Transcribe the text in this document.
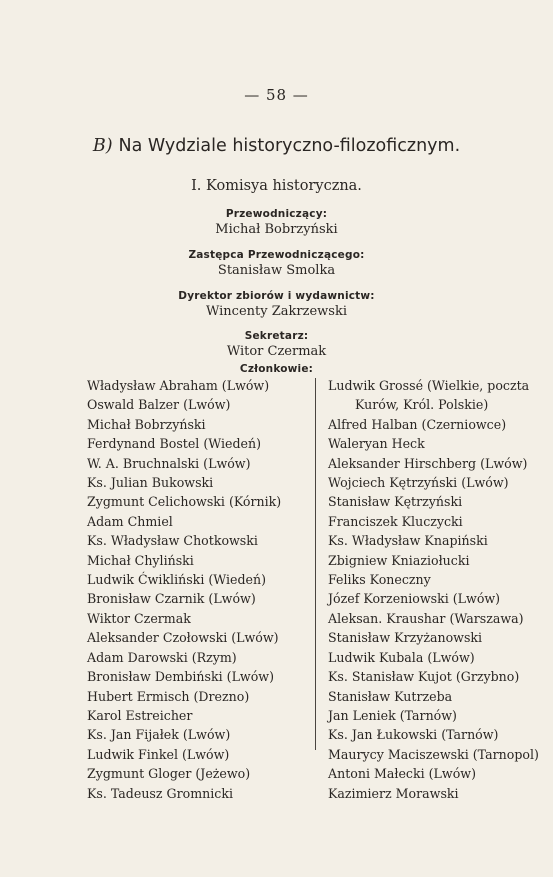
— 58 —
B) Na Wydziale historyczno-filozoficznym.
I. Komisya historyczna.
Przewodniczący:
Michał Bobrzyński
Zastępca Przewodniczącego:
Stanisław Smolka
Dyrektor zbiorów i wydawnictw:
Wincenty Zakrzewski
Sekretarz:
Witor Czermak
Członkowie:
Władysław Abraham (Lwów)
Oswald Balzer (Lwów)
Michał Bobrzyński
Ferdynand Bostel (Wiedeń)
W. A. Bruchnalski (Lwów)
Ks. Julian Bukowski
Zygmunt Celichowski (Kórnik)
Adam Chmiel
Ks. Władysław Chotkowski
Michał Chyliński
Ludwik Ćwikliński (Wiedeń)
Bronisław Czarnik (Lwów)
Wiktor Czermak
Aleksander Czołowski (Lwów)
Adam Darowski (Rzym)
Bronisław Dembiński (Lwów)
Hubert Ermisch (Drezno)
Karol Estreicher
Ks. Jan Fijałek (Lwów)
Ludwik Finkel (Lwów)
Zygmunt Gloger (Jeżewo)
Ks. Tadeusz Gromnicki
Ludwik Grossé (Wielkie, poczta
Kurów, Król. Polskie)
Alfred Halban (Czerniowce)
Waleryan Heck
Aleksander Hirschberg (Lwów)
Wojciech Kętrzyński (Lwów)
Stanisław Kętrzyński
Franciszek Kluczycki
Ks. Władysław Knapiński
Zbigniew Kniaziołucki
Feliks Koneczny
Józef Korzeniowski (Lwów)
Aleksan. Kraushar (Warszawa)
Stanisław Krzyżanowski
Ludwik Kubala (Lwów)
Ks. Stanisław Kujot (Grzybno)
Stanisław Kutrzeba
Jan Leniek (Tarnów)
Ks. Jan Łukowski (Tarnów)
Maurycy Maciszewski (Tarnopol)
Antoni Małecki (Lwów)
Kazimierz Morawski
